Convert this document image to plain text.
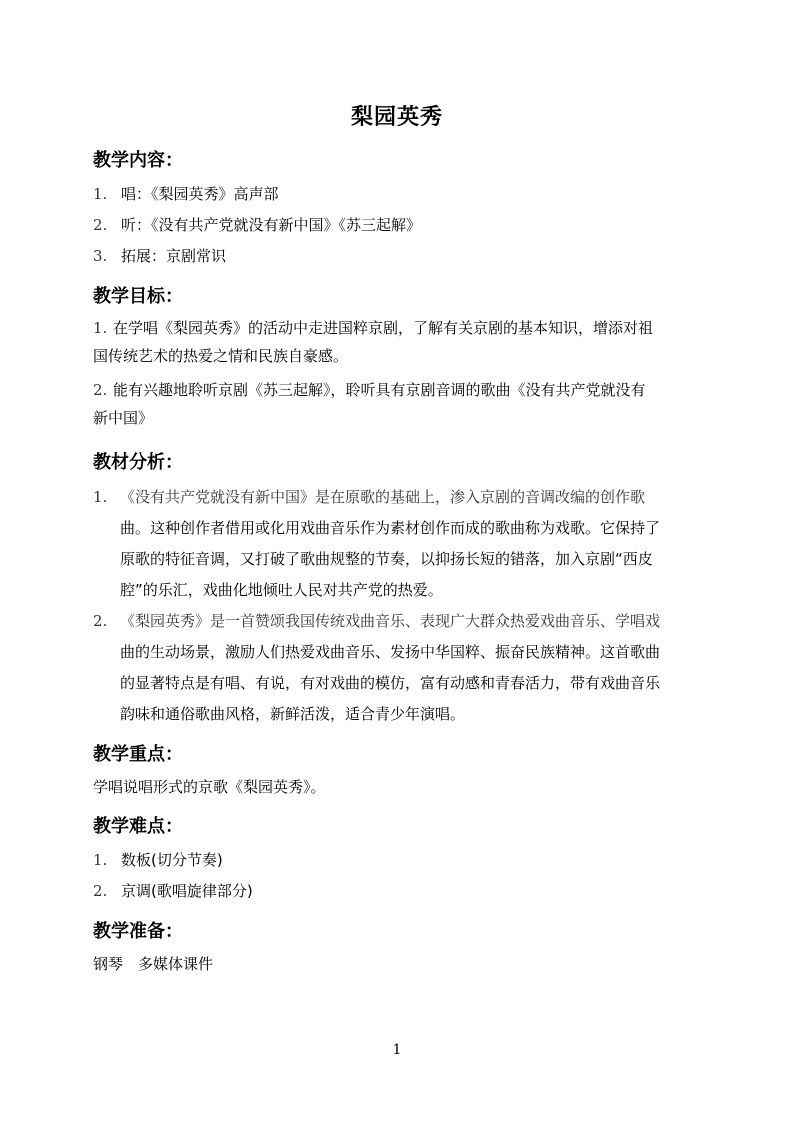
梨园英秀
教学内容：
1. 唱：《梨园英秀》高声部
2. 听：《没有共产党就没有新中国》《苏三起解》
3. 拓展：京剧常识
教学目标：
1. 在学唱《梨园英秀》的活动中走进国粹京剧，了解有关京剧的基本知识，增添对祖
国传统艺术的热爱之情和民族自豪感。
2. 能有兴趣地聆听京剧《苏三起解》，聆听具有京剧音调的歌曲《没有共产党就没有
新中国》
教材分析：
1. 《没有共产党就没有新中国》是在原歌的基础上，渗入京剧的音调改编的创作歌
曲。这种创作者借用或化用戏曲音乐作为素材创作而成的歌曲称为戏歌。它保持了
原歌的特征音调，又打破了歌曲规整的节奏，以抑扬长短的错落，加入京剧“西皮
腔”的乐汇，戏曲化地倾吐人民对共产党的热爱。
2. 《梨园英秀》是一首赞颂我国传统戏曲音乐、表现广大群众热爱戏曲音乐、学唱戏
曲的生动场景，激励人们热爱戏曲音乐、发扬中华国粹、振奋民族精神。这首歌曲
的显著特点是有唱、有说，有对戏曲的模仿，富有动感和青春活力，带有戏曲音乐
韵味和通俗歌曲风格，新鲜活泼，适合青少年演唱。
教学重点：
学唱说唱形式的京歌《梨园英秀》。
教学难点：
1. 数板(切分节奏)
2. 京调(歌唱旋律部分)
教学准备：
钢琴　多媒体课件
1
